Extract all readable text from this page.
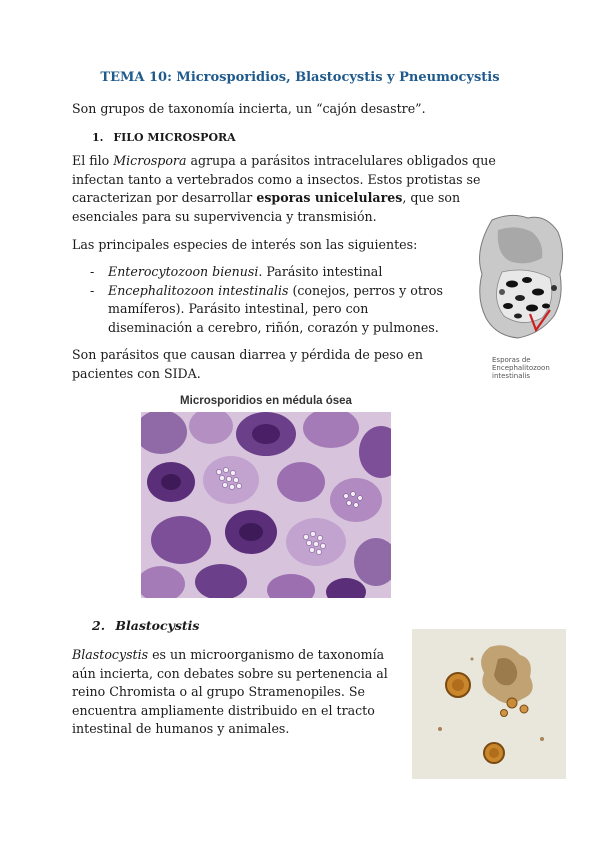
TEMA 10: Microsporidios, Blastocystis y Pneumocystis
Son grupos de taxonomía incierta, un “cajón desastre”.
1. FILO MICROSPORA
El filo Microspora agrupa a parásitos intracelulares obligados que infectan tanto a vertebrados como a insectos. Estos protistas se caracterizan por desarrollar esporas unicelulares, que son esenciales para su supervivencia y transmisión.
Las principales especies de interés son las siguientes:
-	Enterocytozoon bienusi. Parásito intestinal
-	Encephalitozoon intestinalis (conejos, perros y otros mamíferos). Parásito intestinal, pero con diseminación a cerebro, riñón, corazón y pulmones.
Son parásitos que causan diarrea y pérdida de peso en pacientes con SIDA.
Esporas de Encephalitozoon intestinalis
Microsporidios en médula ósea
2. Blastocystis
Blastocystis es un microorganismo de taxonomía aún incierta, con debates sobre su pertenencia al reino Chromista o al grupo Stramenopiles. Se encuentra ampliamente distribuido en el tracto intestinal de humanos y animales.
